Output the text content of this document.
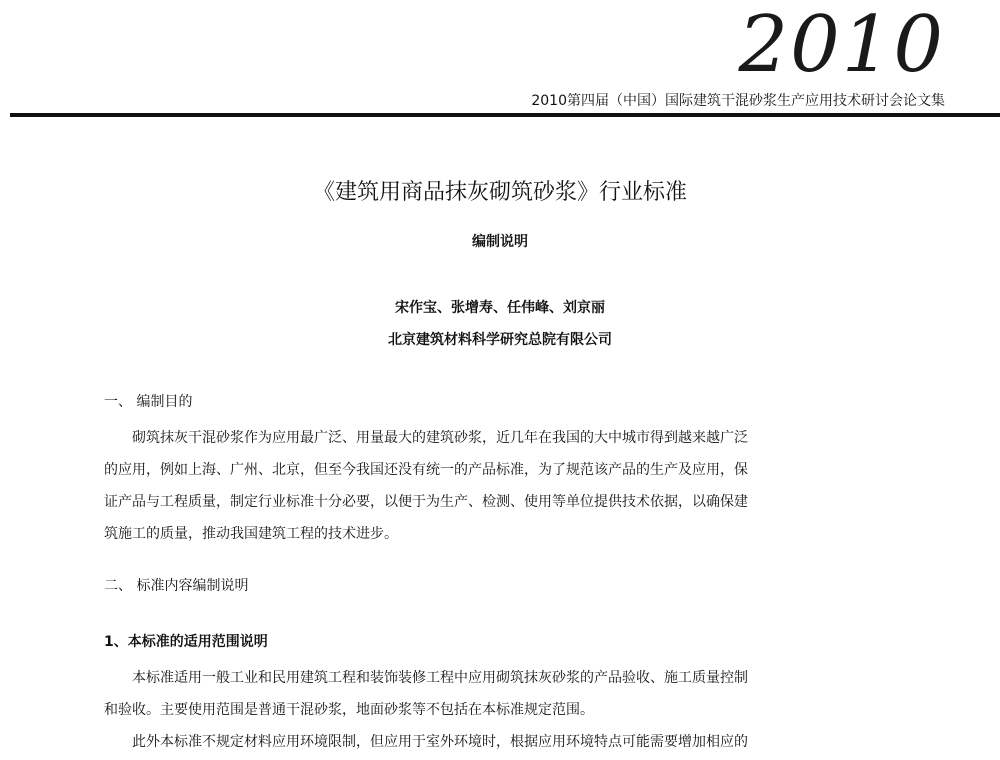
2010
2010第四届（中国）国际建筑干混砂浆生产应用技术研讨会论文集
《建筑用商品抹灰砌筑砂浆》行业标准
编制说明
宋作宝、张增寿、任伟峰、刘京丽
北京建筑材料科学研究总院有限公司
一、 编制目的
砌筑抹灰干混砂浆作为应用最广泛、用量最大的建筑砂浆，近几年在我国的大中城市得到越来越广泛
的应用，例如上海、广州、北京，但至今我国还没有统一的产品标准，为了规范该产品的生产及应用，保
证产品与工程质量，制定行业标准十分必要，以便于为生产、检测、使用等单位提供技术依据，以确保建
筑施工的质量，推动我国建筑工程的技术进步。
二、 标准内容编制说明
1、本标准的适用范围说明
本标准适用一般工业和民用建筑工程和装饰装修工程中应用砌筑抹灰砂浆的产品验收、施工质量控制
和验收。主要使用范围是普通干混砂浆，地面砂浆等不包括在本标准规定范围。
此外本标准不规定材料应用环境限制，但应用于室外环境时，根据应用环境特点可能需要增加相应的
